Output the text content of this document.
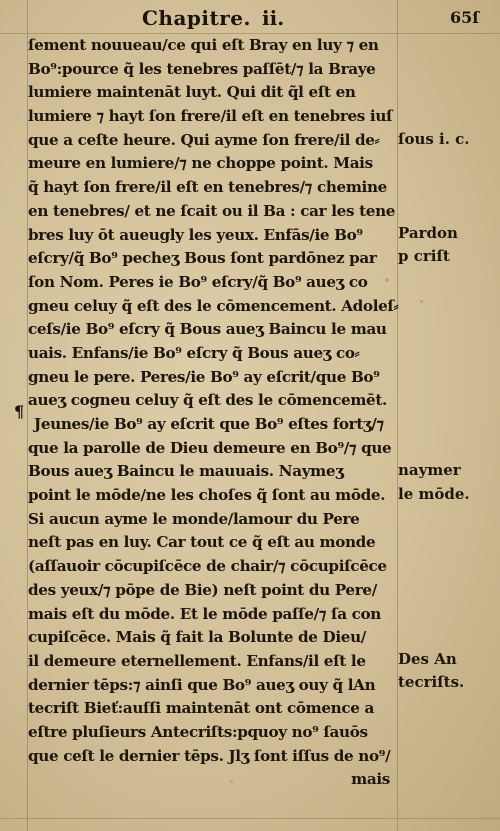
Chapitre. ii.	65ſ
ſement nouueau/ce qui eſt Bray en luy ⁊ en
Bo⁹:pource q̃ les tenebres paſſēt/⁊ la Braye
lumiere maintenāt luyt. Qui dit q̃l eſt en
lumiere ⁊ hayt ſon frere/il eſt en tenebres iuſ
que a ceſte heure. Qui ayme ſon frere/il de⸗
meure en lumiere/⁊ ne choppe point. Mais
q̃ hayt ſon frere/il eſt en tenebres/⁊ chemine
en tenebres/ et ne ſcait ou il Ba : car les tene
bres luy ōt aueugly les yeux. Enfās/ie Bo⁹
eſcry/q̃ Bo⁹ pecheʒ Bous ſont pardōnez par
ſon Nom. Peres ie Bo⁹ eſcry/q̃ Bo⁹ aueʒ co
gneu celuy q̃ eſt des le cōmencement. Adoleſ⸗
ceſs/ie Bo⁹ eſcry q̃ Bous aueʒ Baincu le mau
uais. Enfans/ie Bo⁹ eſcry q̃ Bous aueʒ co⸗
gneu le pere. Peres/ie Bo⁹ ay eſcrit/que Bo⁹
aueʒ cogneu celuy q̃ eſt des le cōmencemēt.
Jeunes/ie Bo⁹ ay eſcrit que Bo⁹ eſtes fortʒ/⁊
que la parolle de Dieu demeure en Bo⁹/⁊ que
Bous aueʒ Baincu le mauuais. Naymeʒ
point le mōde/ne les choſes q̃ ſont au mōde.
Si aucun ayme le monde/lamour du Pere
neſt pas en luy. Car tout ce q̃ eſt au monde
(aſſauoir cōcupiſcēce de chair/⁊ cōcupiſcēce
des yeux/⁊ pōpe de Bie) neſt point du Pere/
mais eſt du mōde. Et le mōde paſſe/⁊ ſa con
cupiſcēce. Mais q̃ fait la Bolunte de Dieu/
il demeure eternellement. Enfans/il eſt le
dernier tēps:⁊ ainſi que Bo⁹ aueʒ ouy q̃ lAn
tecriſt Bieť:auſſi maintenāt ont cōmence a
eſtre pluſieurs Antecriſts:pquoy no⁹ ſauōs
que ceſt le dernier tēps. Jlʒ ſont iſſus de no⁹/
mais
¶
ſous i. c.
Pardon
p criſt
naymer
le mōde.
Des An
tecriſts.
